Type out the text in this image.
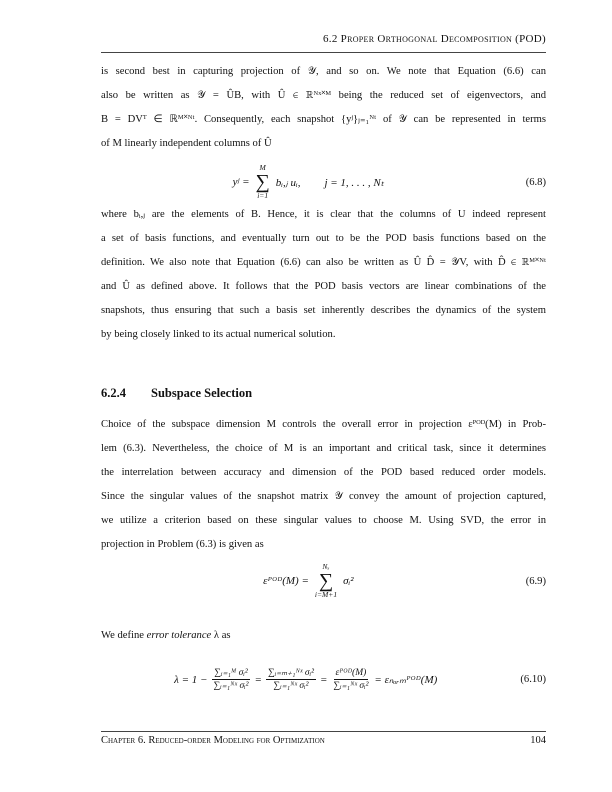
6.2 Proper Orthogonal Decomposition (POD)
is second best in capturing projection of 𝒴, and so on. We note that Equation (6.6) can
also be written as 𝒴 = ÛB, with Û ∈ ℝᴺˣ˟ᴹ being the reduced set of eigenvectors, and
B = DVᵀ ∈ ℝᴹ˟ᴺᵗ. Consequently, each snapshot {yʲ}ⱼ₌₁ᴺᵗ of 𝒴 can be represented in terms
of M linearly independent columns of Û
yʲ =
M
∑
i=1
bᵢ,ⱼ uᵢ, j = 1, . . . , Nₜ	(6.8)
where bᵢ,ⱼ are the elements of B. Hence, it is clear that the columns of U indeed represent
a set of basis functions, and eventually turn out to be the POD basis functions based on the
definition. We also note that Equation (6.6) can also be written as Û D̂ = 𝒴V, with D̂ ∈ ℝᴹ˟ᴺᵗ
and Û as defined above. It follows that the POD basis vectors are linear combinations of the
snapshots, thus ensuring that such a basis set inherently describes the dynamics of the system
by being closely linked to its actual numerical solution.
6.2.4 Subspace Selection
Choice of the subspace dimension M controls the overall error in projection εᴾᴼᴰ(M) in Prob-
lem (6.3). Nevertheless, the choice of M is an important and critical task, since it determines
the interrelation between accuracy and dimension of the POD based reduced order models.
Since the singular values of the snapshot matrix 𝒴 convey the amount of projection captured,
we utilize a criterion based on these singular values to choose M. Using SVD, the error in
projection in Problem (6.3) is given as
εᴾᴼᴰ(M) =
Nₓ
∑
i=M+1
σᵢ²	(6.9)
We define error tolerance λ as
$\lambda = 1 - \frac{\text{∑ᵢ₌₁ᴹ σᵢ²}}{\text{∑ᵢ₌₁ᴺˣ σᵢ²}} = \frac{\text{∑ᵢ₌ₘ₊₁ᴺˣ σᵢ²}}{\text{∑ᵢ₌₁ᴺˣ σᵢ²}} = \frac{\text{εᴾᴼᴰ(M)}}{\text{∑ᵢ₌₁ᴺˣ σᵢ²}}$ = εₙₒᵣₘᴾᴼᴰ(M)	(6.10)
Chapter 6. Reduced-order Modeling for Optimization	104
